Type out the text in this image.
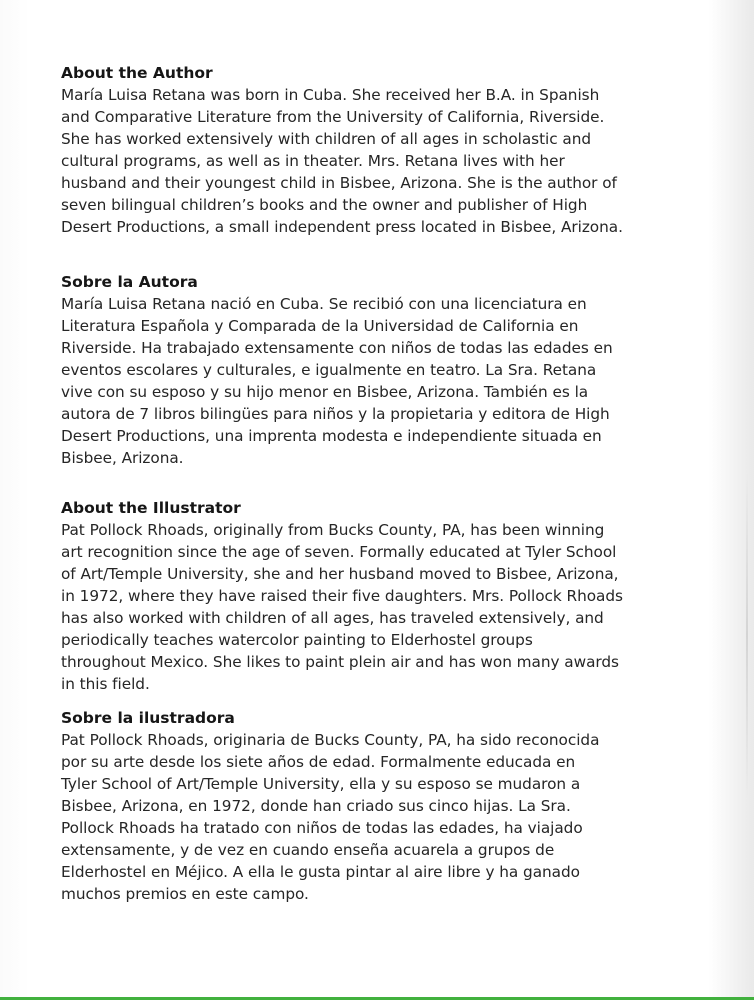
About the Author
María Luisa Retana was born in Cuba. She received her B.A. in Spanish
and Comparative Literature from the University of California, Riverside.
She has worked extensively with children of all ages in scholastic and
cultural programs, as well as in theater. Mrs. Retana lives with her
husband and their youngest child in Bisbee, Arizona. She is the author of
seven bilingual children’s books and the owner and publisher of High
Desert Productions, a small independent press located in Bisbee, Arizona.
Sobre la Autora
María Luisa Retana nació en Cuba. Se recibió con una licenciatura en
Literatura Española y Comparada de la Universidad de California en
Riverside. Ha trabajado extensamente con niños de todas las edades en
eventos escolares y culturales, e igualmente en teatro. La Sra. Retana
vive con su esposo y su hijo menor en Bisbee, Arizona. También es la
autora de 7 libros bilingües para niños y la propietaria y editora de High
Desert Productions, una imprenta modesta e independiente situada en
Bisbee, Arizona.
About the Illustrator
Pat Pollock Rhoads, originally from Bucks County, PA, has been winning
art recognition since the age of seven. Formally educated at Tyler School
of Art/Temple University, she and her husband moved to Bisbee, Arizona,
in 1972, where they have raised their five daughters. Mrs. Pollock Rhoads
has also worked with children of all ages, has traveled extensively, and
periodically teaches watercolor painting to Elderhostel groups
throughout Mexico. She likes to paint plein air and has won many awards
in this field.
Sobre la ilustradora
Pat Pollock Rhoads, originaria de Bucks County, PA, ha sido reconocida
por su arte desde los siete años de edad. Formalmente educada en
Tyler School of Art/Temple University, ella y su esposo se mudaron a
Bisbee, Arizona, en 1972, donde han criado sus cinco hijas. La Sra.
Pollock Rhoads ha tratado con niños de todas las edades, ha viajado
extensamente, y de vez en cuando enseña acuarela a grupos de
Elderhostel en Méjico. A ella le gusta pintar al aire libre y ha ganado
muchos premios en este campo.
